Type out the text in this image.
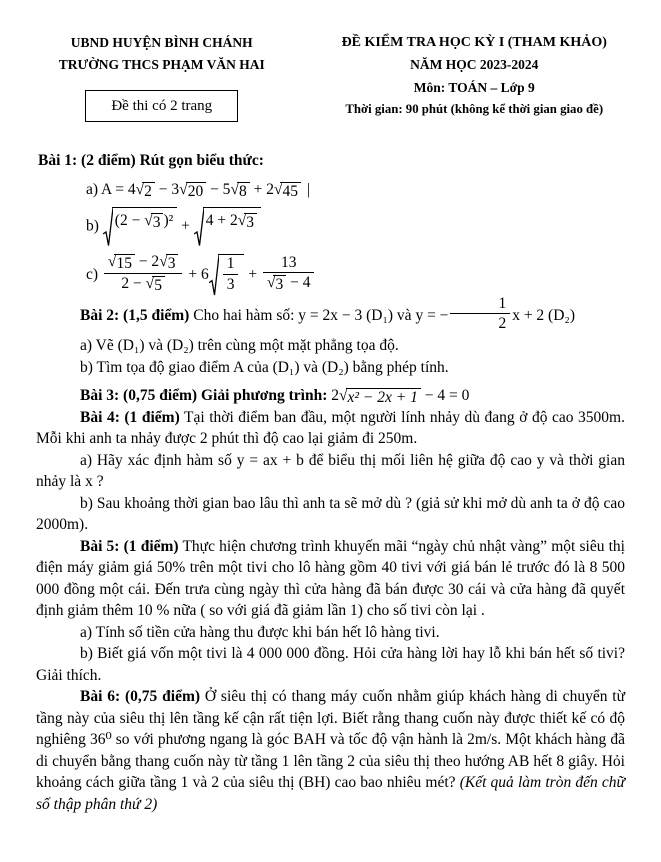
UBND HUYỆN BÌNH CHÁNH
TRƯỜNG THCS PHẠM VĂN HAI
Đề thi có 2 trang
ĐỀ KIỂM TRA HỌC KỲ I (THAM KHẢO)
NĂM HỌC 2023-2024
Môn: TOÁN – Lớp 9
Thời gian: 90 phút (không kể thời gian giao đề)

Bài 1: (2 điểm) Rút gọn biểu thức:

a) A = 4 √ 2 − 3 √ 20 − 5 √ 8 + 2 √ 45 |
b) (2 − √ 3 )² + 4 + 2 √ 3
$c) \frac{√ 15 - 2 √ 3}{2 - √ 5} + 6 \frac{1}{3} + \frac{13}{√ 3 - 4}$

Bài 2: (1,5 điểm) Cho hai hàm số: y = 2x − 3 (D₁) và y = − $\frac{1}{2}$ x + 2 (D₂)

a) Vẽ (D₁) và (D₂) trên cùng một mặt phẳng tọa độ.

b) Tìm tọa độ giao điểm A của (D₁) và (D₂) bằng phép tính.

Bài 3: (0,75 điểm) Giải phương trình: 2 √ x² − 2x + 1 − 4 = 0

Bài 4: (1 điểm) Tại thời điểm ban đầu, một người lính nhảy dù đang ở độ cao 3500m. Mỗi khi anh ta nhảy được 2 phút thì độ cao lại giảm đi 250m.

a) Hãy xác định hàm số y = ax + b để biểu thị mối liên hệ giữa độ cao y và thời gian nhảy là x ?

b) Sau khoảng thời gian bao lâu thì anh ta sẽ mở dù ? (giả sử khi mở dù anh ta ở độ cao 2000m).

Bài 5: (1 điểm) Thực hiện chương trình khuyến mãi “ngày chủ nhật vàng” một siêu thị điện máy giảm giá 50% trên một tivi cho lô hàng gồm 40 tivi với giá bán lẻ trước đó là 8 500 000 đồng một cái. Đến trưa cùng ngày thì cửa hàng đã bán được 30 cái và cửa hàng đã quyết định giảm thêm 10 % nữa ( so với giá đã giảm lần 1) cho số tivi còn lại .

a) Tính số tiền cửa hàng thu được khi bán hết lô hàng tivi.

b) Biết giá vốn một tivi là 4 000 000 đồng. Hỏi cửa hàng lời hay lỗ khi bán hết số tivi? Giải thích.

Bài 6: (0,75 điểm) Ở siêu thị có thang máy cuốn nhằm giúp khách hàng di chuyển từ tầng này của siêu thị lên tầng kế cận rất tiện lợi. Biết rằng thang cuốn này được thiết kế có độ nghiêng 36⁰ so với phương ngang là góc BAH và tốc độ vận hành là 2m/s. Một khách hàng đã di chuyển bằng thang cuốn này từ tầng 1 lên tầng 2 của siêu thị theo hướng AB hết 8 giây. Hỏi khoảng cách giữa tầng 1 và 2 của siêu thị (BH) cao bao nhiêu mét? (Kết quả làm tròn đến chữ số thập phân thứ 2)
